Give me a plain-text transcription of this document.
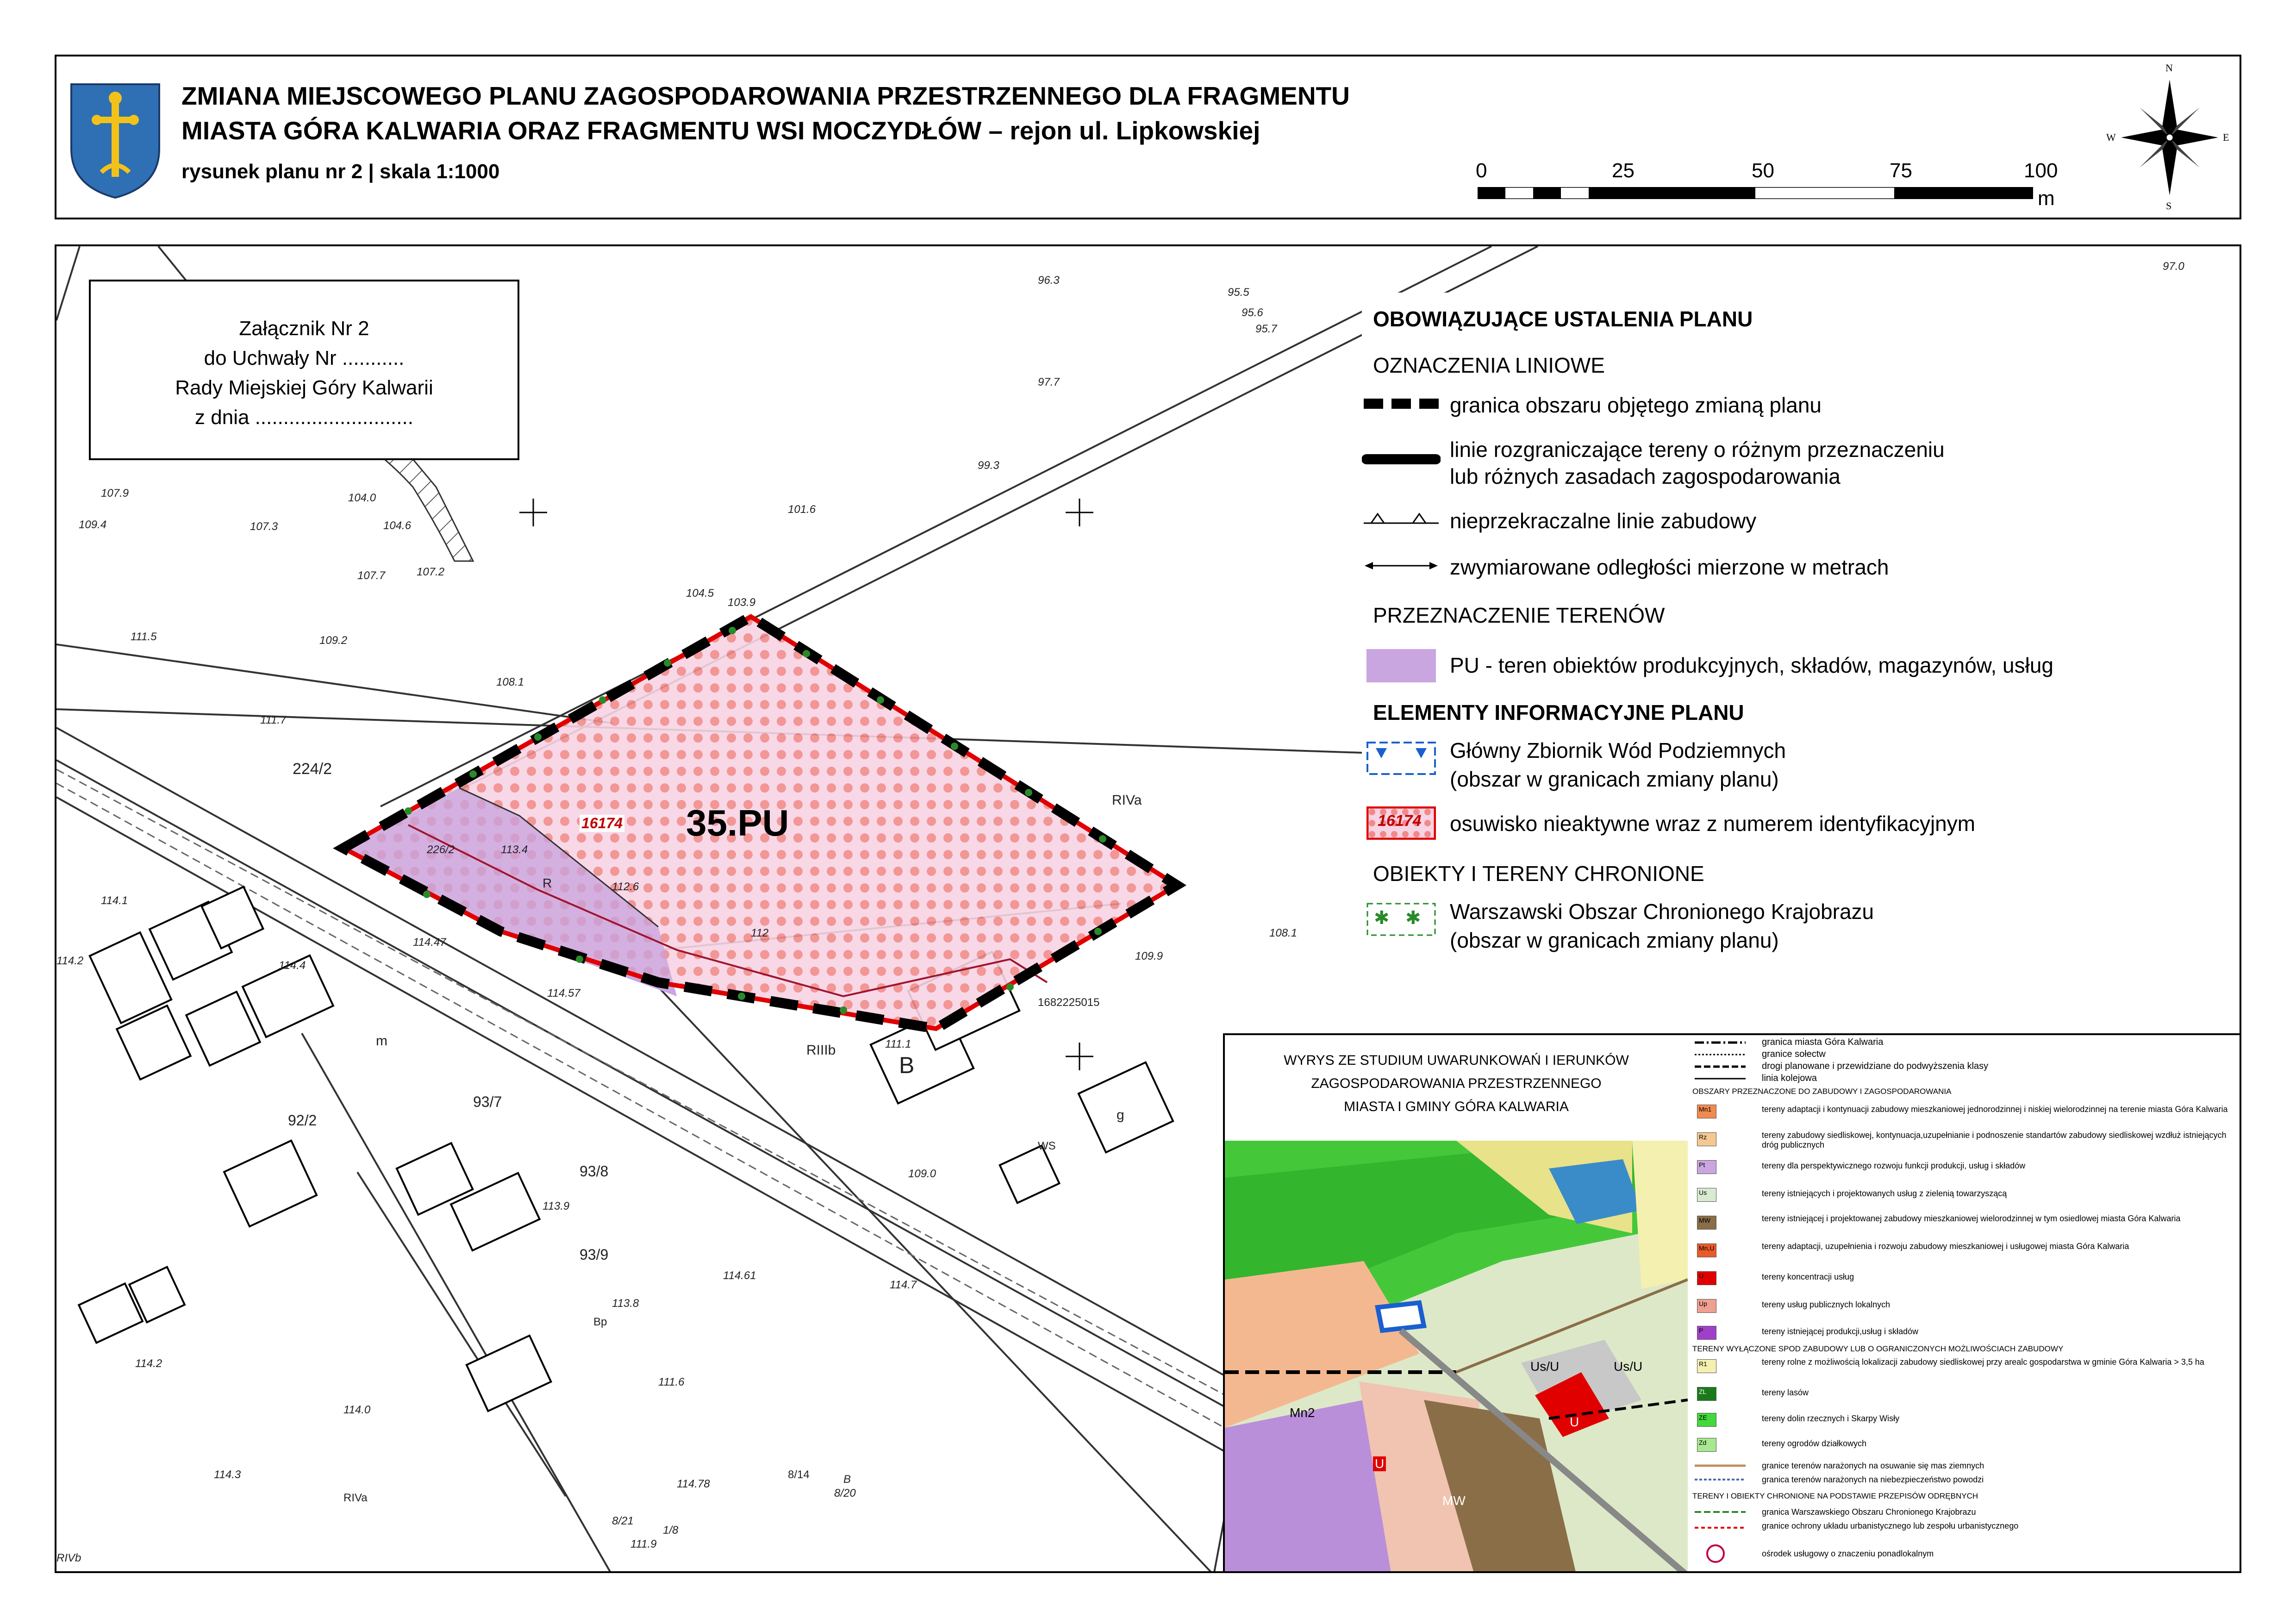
ZMIANA MIEJSCOWEGO PLANU ZAGOSPODAROWANIA PRZESTRZENNEGO DLA FRAGMENTU
MIASTA GÓRA KALWARIA ORAZ FRAGMENTU WSI MOCZYDŁÓW – rejon ul. Lipkowskiej
rysunek planu nr 2 | skala 1:1000	0	25	50	75	100
m
N
S
W	E
35.PU
16174
109.4
107.9
107.3
104.0
104.6
107.7	107.2
101.6
99.3
97.7
96.3
95.5
95.6
95.7
104.5
103.9
111.5	109.2
108.1
111.7
224/2
226/2	113.4
112.6
R
RIVa
RIIIb	111.1
112
109.9
108.1
114.1
114.2
114.47
114.4
114.57
113.9
93/8
93/7
93/9
92/2
113.8
Bp
114.2
114.0
114.3
RIVb
RIVa
8/14
8/20
8/21
1/8
111.6
111.9
114.78
114.61
114.7
109.0
B
WS
97.0
m
g
B
1682225015
Załącznik Nr 2
do Uchwały Nr ...........
Rady Miejskiej Góry Kalwarii
z dnia ............................
OBOWIĄZUJĄCE USTALENIA PLANU
OZNACZENIA LINIOWE
granica obszaru objętego zmianą planu
linie rozgraniczające tereny o różnym przeznaczeniu
lub różnych zasadach zagospodarowania
nieprzekraczalne linie zabudowy
zwymiarowane odległości mierzone w metrach
PRZEZNACZENIE TERENÓW
PU - teren obiektów produkcyjnych, składów, magazynów, usług
ELEMENTY INFORMACYJNE PLANU
Główny Zbiornik Wód Podziemnych
(obszar w granicach zmiany planu)
16174 osuwisko nieaktywne wraz z numerem identyfikacyjnym
OBIEKTY I TERENY CHRONIONE
✱ ✱ Warszawski Obszar Chronionego Krajobrazu
(obszar w granicach zmiany planu)
WYRYS ZE STUDIUM UWARUNKOWAŃ I IERUNKÓW
ZAGOSPODAROWANIA PRZESTRZENNEGO
MIASTA I GMINY GÓRA KALWARIA
Us/U	Us/U
Mn2
U
MW
U
granica miasta Góra Kalwaria
granice sołectw
drogi planowane i przewidziane do podwyższenia klasy
linia kolejowa
OBSZARY PRZEZNACZONE DO ZABUDOWY I ZAGOSPODAROWANIA
Mn1	tereny adaptacji i kontynuacji zabudowy mieszkaniowej jednorodzinnej i niskiej wielorodzinnej na terenie miasta Góra Kalwaria
Rz	tereny zabudowy siedliskowej, kontynuacja,uzupełnianie i podnoszenie standartów zabudowy siedliskowej wzdłuż istniejących dróg publicznych
Pt	tereny dla perspektywicznego rozwoju funkcji produkcji, usług i składów
Us	tereny istniejących i projektowanych usług z zielenią towarzyszącą
MW	tereny istniejącej i projektowanej zabudowy mieszkaniowej wielorodzinnej w tym osiedlowej miasta Góra Kalwaria
Mn,U	tereny adaptacji, uzupełnienia i rozwoju zabudowy mieszkaniowej i usługowej miasta Góra Kalwaria
U	tereny koncentracji usług
Up	tereny usług publicznych lokalnych
P	tereny istniejącej produkcji,usług i składów
TERENY WYŁĄCZONE SPOD ZABUDOWY LUB O OGRANICZONYCH MOŻLIWOŚCIACH ZABUDOWY
R1	tereny rolne z możliwością lokalizacji zabudowy siedliskowej przy arealc gospodarstwa w gminie Góra Kalwaria > 3,5 ha
ZL	tereny lasów
ZE	tereny dolin rzecznych i Skarpy Wisły
Zd	tereny ogrodów działkowych
granice terenów narażonych na osuwanie się mas ziemnych
granica terenów narażonych na niebezpieczeństwo powodzi
TERENY I OBIEKTY CHRONIONE NA PODSTAWIE PRZEPISÓW ODRĘBNYCH
granica Warszawskiego Obszaru Chronionego Krajobrazu
granice ochrony układu urbanistycznego lub zespołu urbanistycznego
ośrodek usługowy o znaczeniu ponadlokalnym
